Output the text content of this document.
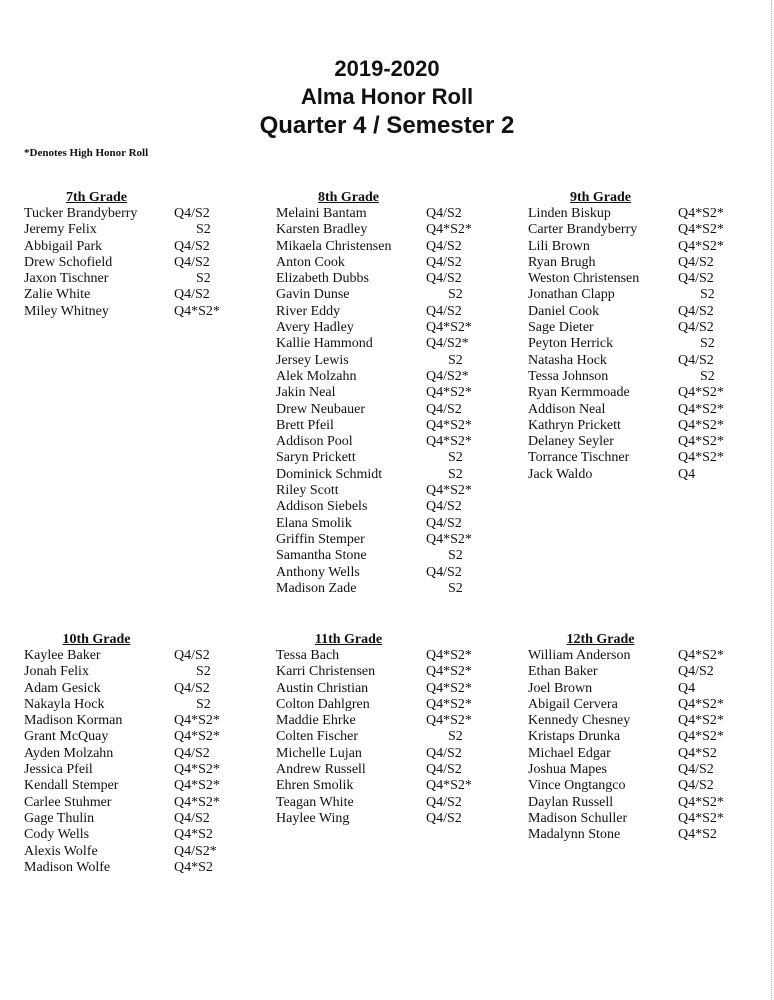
2019-2020
Alma Honor Roll
Quarter 4 / Semester 2
*Denotes High Honor Roll
7th Grade
Tucker Brandyberry	Q4/S2
Jeremy Felix	S2
Abbigail Park	Q4/S2
Drew Schofield	Q4/S2
Jaxon Tischner	S2
Zalie White	Q4/S2
Miley Whitney	Q4*S2*
8th Grade
Melaini Bantam	Q4/S2
Karsten Bradley	Q4*S2*
Mikaela Christensen	Q4/S2
Anton Cook	Q4/S2
Elizabeth Dubbs	Q4/S2
Gavin Dunse	S2
River Eddy	Q4/S2
Avery Hadley	Q4*S2*
Kallie Hammond	Q4/S2*
Jersey Lewis	S2
Alek Molzahn	Q4/S2*
Jakin Neal	Q4*S2*
Drew Neubauer	Q4/S2
Brett Pfeil	Q4*S2*
Addison Pool	Q4*S2*
Saryn Prickett	S2
Dominick Schmidt	S2
Riley Scott	Q4*S2*
Addison Siebels	Q4/S2
Elana Smolik	Q4/S2
Griffin Stemper	Q4*S2*
Samantha Stone	S2
Anthony Wells	Q4/S2
Madison Zade	S2
9th Grade
Linden Biskup	Q4*S2*
Carter Brandyberry	Q4*S2*
Lili Brown	Q4*S2*
Ryan Brugh	Q4/S2
Weston Christensen	Q4/S2
Jonathan Clapp	S2
Daniel Cook	Q4/S2
Sage Dieter	Q4/S2
Peyton Herrick	S2
Natasha Hock	Q4/S2
Tessa Johnson	S2
Ryan Kermmoade	Q4*S2*
Addison Neal	Q4*S2*
Kathryn Prickett	Q4*S2*
Delaney Seyler	Q4*S2*
Torrance Tischner	Q4*S2*
Jack Waldo	Q4
10th Grade
Kaylee Baker	Q4/S2
Jonah Felix	S2
Adam Gesick	Q4/S2
Nakayla Hock	S2
Madison Korman	Q4*S2*
Grant McQuay	Q4*S2*
Ayden Molzahn	Q4/S2
Jessica Pfeil	Q4*S2*
Kendall Stemper	Q4*S2*
Carlee Stuhmer	Q4*S2*
Gage Thulin	Q4/S2
Cody Wells	Q4*S2
Alexis Wolfe	Q4/S2*
Madison Wolfe	Q4*S2
11th Grade
Tessa Bach	Q4*S2*
Karri Christensen	Q4*S2*
Austin Christian	Q4*S2*
Colton Dahlgren	Q4*S2*
Maddie Ehrke	Q4*S2*
Colten Fischer	S2
Michelle Lujan	Q4/S2
Andrew Russell	Q4/S2
Ehren Smolik	Q4*S2*
Teagan White	Q4/S2
Haylee Wing	Q4/S2
12th Grade
William Anderson	Q4*S2*
Ethan Baker	Q4/S2
Joel Brown	Q4
Abigail Cervera	Q4*S2*
Kennedy Chesney	Q4*S2*
Kristaps Drunka	Q4*S2*
Michael Edgar	Q4*S2
Joshua Mapes	Q4/S2
Vince Ongtangco	Q4/S2
Daylan Russell	Q4*S2*
Madison Schuller	Q4*S2*
Madalynn Stone	Q4*S2
